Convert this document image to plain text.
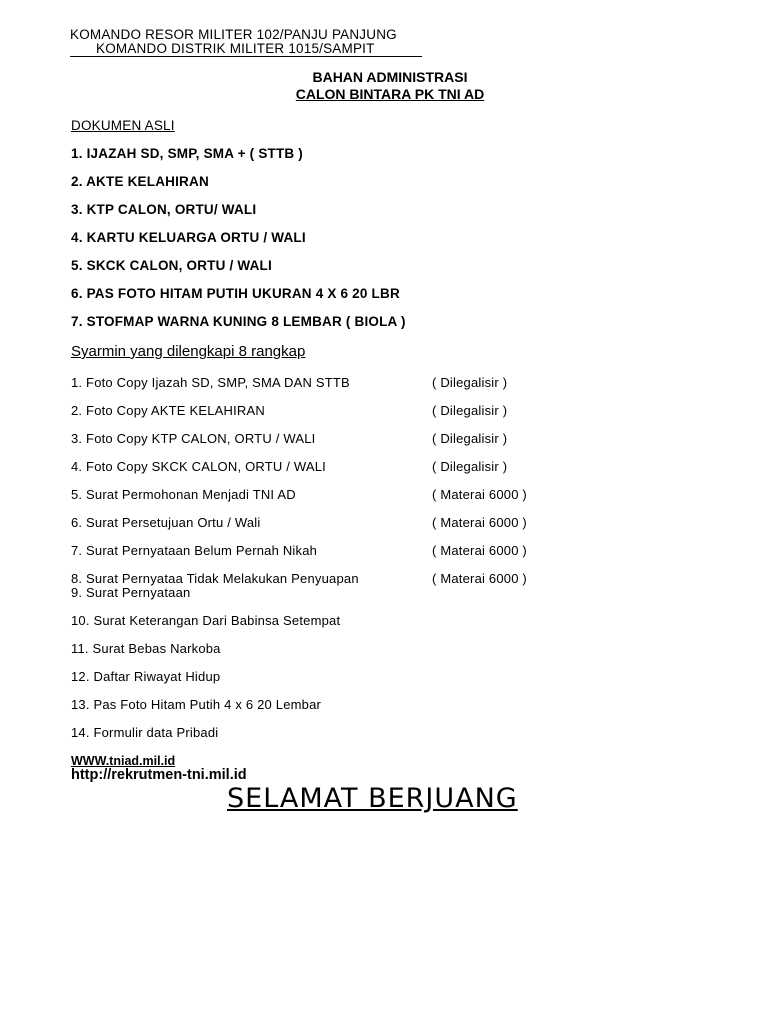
KOMANDO RESOR MILITER 102/PANJU PANJUNG
KOMANDO DISTRIK MILITER 1015/SAMPIT
BAHAN ADMINISTRASI
CALON BINTARA PK TNI AD
DOKUMEN ASLI
1. IJAZAH SD, SMP, SMA + ( STTB )
2. AKTE KELAHIRAN
3. KTP CALON, ORTU/ WALI
4. KARTU KELUARGA ORTU / WALI
5. SKCK CALON, ORTU / WALI
6. PAS FOTO HITAM PUTIH UKURAN 4 X 6 20 LBR
7. STOFMAP WARNA KUNING 8 LEMBAR ( BIOLA )
Syarmin yang dilengkapi 8 rangkap
1. Foto Copy Ijazah SD, SMP, SMA DAN STTB	( Dilegalisir )
2. Foto Copy AKTE KELAHIRAN	( Dilegalisir )
3. Foto Copy KTP CALON, ORTU / WALI	( Dilegalisir )
4. Foto Copy SKCK CALON, ORTU / WALI	( Dilegalisir )
5. Surat Permohonan Menjadi TNI AD	( Materai 6000 )
6. Surat Persetujuan Ortu / Wali	( Materai 6000 )
7. Surat Pernyataan Belum Pernah Nikah	( Materai 6000 )
8. Surat Pernyataa Tidak Melakukan Penyuapan	( Materai 6000 )
9. Surat Pernyataan
10. Surat Keterangan Dari Babinsa Setempat
11. Surat Bebas Narkoba
12. Daftar Riwayat Hidup
13. Pas Foto Hitam Putih 4 x 6 20 Lembar
14. Formulir data Pribadi
WWW.tniad.mil.id
http://rekrutmen-tni.mil.id
SELAMAT BERJUANG
